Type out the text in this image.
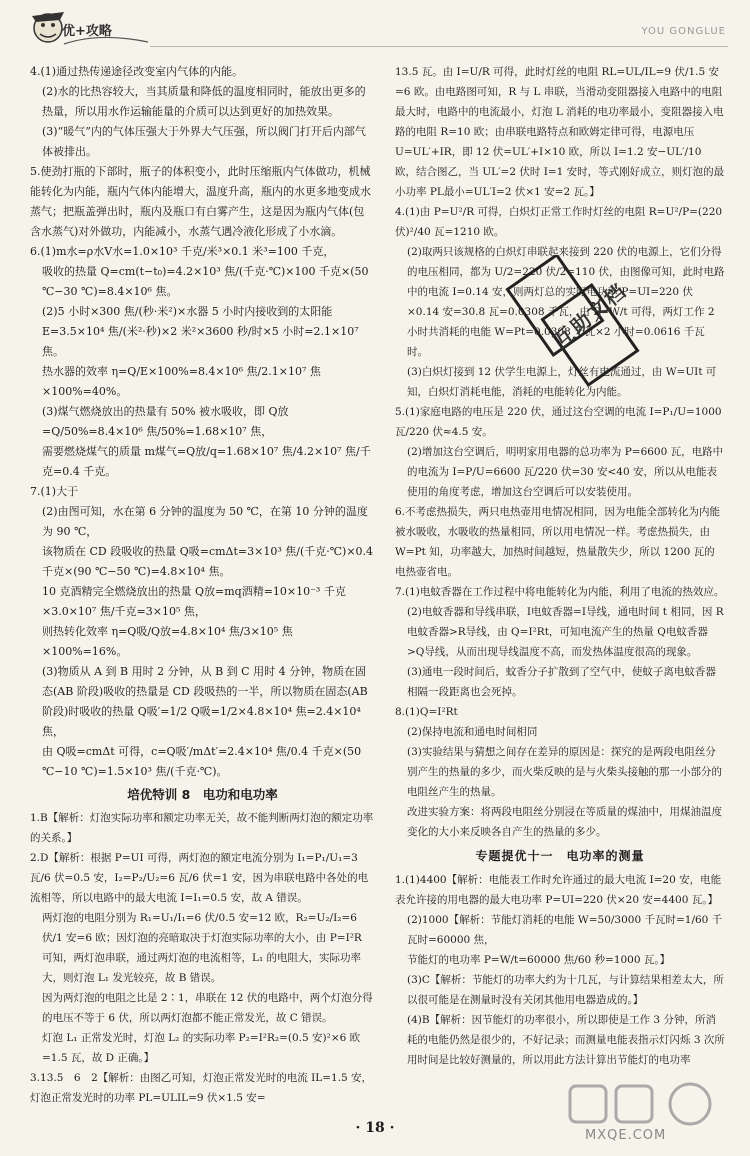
优+攻略	YOU GONGLUE

4.(1)通过热传递途径改变室内气体的内能。

(2)水的比热容较大，当其质量和降低的温度相同时，能放出更多的热量，所以用水作运输能量的介质可以达到更好的加热效果。

(3)“暖气”内的气体压强大于外界大气压强，所以阀门打开后内部气体被排出。

5.使劲打瓶的下部时，瓶子的体积变小，此时压缩瓶内气体做功，机械能转化为内能，瓶内气体内能增大，温度升高，瓶内的水更多地变成水蒸气；把瓶盖弹出时，瓶内及瓶口有白雾产生，这是因为瓶内气体(包含水蒸气)对外做功，内能减小，水蒸气遇冷液化形成了小水滴。

6.(1)m水=ρ水V水=1.0×10³ 千克/米³×0.1 米³=100 千克，

吸收的热量 Q=cm(t−t₀)=4.2×10³ 焦/(千克·℃)×100 千克×(50 ℃−30 ℃)=8.4×10⁶ 焦。

(2)5 小时×300 焦/(秒·米²)×水器 5 小时内接收到的太阳能 E=3.5×10⁴ 焦/(米²·秒)×2 米²×3600 秒/时×5 小时=2.1×10⁷ 焦。

热水器的效率 η=Q/E×100%=8.4×10⁶ 焦/2.1×10⁷ 焦×100%=40%。

(3)煤气燃烧放出的热量有 50% 被水吸收，即 Q放=Q/50%=8.4×10⁶ 焦/50%=1.68×10⁷ 焦，

需要燃烧煤气的质量 m煤气=Q放/q=1.68×10⁷ 焦/4.2×10⁷ 焦/千克=0.4 千克。

7.(1)大于

(2)由图可知，水在第 6 分钟的温度为 50 ℃，在第 10 分钟的温度为 90 ℃，

该物质在 CD 段吸收的热量 Q吸=cmΔt=3×10³ 焦/(千克·℃)×0.4 千克×(90 ℃−50 ℃)=4.8×10⁴ 焦。

10 克酒精完全燃烧放出的热量 Q放=mq酒精=10×10⁻³ 千克×3.0×10⁷ 焦/千克=3×10⁵ 焦，

则热转化效率 η=Q吸/Q放=4.8×10⁴ 焦/3×10⁵ 焦×100%=16%。

(3)物质从 A 到 B 用时 2 分钟，从 B 到 C 用时 4 分钟，物质在固态(AB 阶段)吸收的热量是 CD 段吸热的一半，所以物质在固态(AB 阶段)时吸收的热量 Q吸′=1/2 Q吸=1/2×4.8×10⁴ 焦=2.4×10⁴ 焦，

由 Q吸=cmΔt 可得，c=Q吸′/mΔt′=2.4×10⁴ 焦/0.4 千克×(50 ℃−10 ℃)=1.5×10³ 焦/(千克·℃)。

培优特训 8　电功和电功率

1.B【解析：灯泡实际功率和额定功率无关，故不能判断两灯泡的额定功率的关系。】

2.D【解析：根据 P=UI 可得，两灯泡的额定电流分别为 I₁=P₁/U₁=3 瓦/6 伏=0.5 安，I₂=P₂/U₂=6 瓦/6 伏=1 安，因为串联电路中各处的电流相等，所以电路中的最大电流 I=I₁=0.5 安，故 A 错误。

两灯泡的电阻分别为 R₁=U₁/I₁=6 伏/0.5 安=12 欧，R₂=U₂/I₂=6 伏/1 安=6 欧；因灯泡的亮暗取决于灯泡实际功率的大小，由 P=I²R 可知，两灯泡串联，通过两灯泡的电流相等，L₁ 的电阻大，实际功率大，则灯泡 L₁ 发光较亮，故 B 错误。

因为两灯泡的电阻之比是 2∶1，串联在 12 伏的电路中，两个灯泡分得的电压不等于 6 伏，所以两灯泡都不能正常发光，故 C 错误。

灯泡 L₁ 正常发光时，灯泡 L₂ 的实际功率 P₂=I²R₂=(0.5 安)²×6 欧=1.5 瓦，故 D 正确。】

3.13.5　6　2【解析：由图乙可知，灯泡正常发光时的电流 IL=1.5 安，灯泡正常发光时的功率 PL=ULIL=9 伏×1.5 安=

13.5 瓦。由 I=U/R 可得，此时灯丝的电阻 RL=UL/IL=9 伏/1.5 安=6 欧。由电路图可知，R 与 L 串联，当滑动变阻器接入电路中的电阻最大时，电路中的电流最小，灯泡 L 消耗的电功率最小，变阻器接入电路的电阻 R=10 欧；由串联电路特点和欧姆定律可得，电源电压 U=UL′+IR，即 12 伏=UL′+I×10 欧，所以 I=1.2 安−UL′/10 欧，结合图乙，当 UL′=2 伏时 I=1 安时，等式刚好成立，则灯泡的最小功率 PL最小=UL′I=2 伏×1 安=2 瓦。】

4.(1)由 P=U²/R 可得，白炽灯正常工作时灯丝的电阻 R=U²/P=(220 伏)²/40 瓦=1210 欧。

(2)取两只该规格的白炽灯串联起来接到 220 伏的电源上，它们分得的电压相同，都为 U/2=220 伏/2=110 伏，由图像可知，此时电路中的电流 I=0.14 安，则两灯总的实际电功率 P=UI=220 伏×0.14 安=30.8 瓦=0.0308 千瓦，由 P=W/t 可得，两灯工作 2 小时共消耗的电能 W=Pt=0.0308 千瓦×2 小时=0.0616 千瓦时。

(3)白炽灯接到 12 伏学生电源上，灯丝有电流通过，由 W=UIt 可知，白炽灯消耗电能，消耗的电能转化为内能。

5.(1)家庭电路的电压是 220 伏，通过这台空调的电流 I=P₁/U=1000 瓦/220 伏≈4.5 安。

(2)增加这台空调后，明明家用电器的总功率为 P=6600 瓦，电路中的电流为 I=P/U=6600 瓦/220 伏=30 安<40 安，所以从电能表使用的角度考虑，增加这台空调后可以安装使用。

6.不考虑热损失，两只电热壶用电情况相同，因为电能全部转化为内能被水吸收，水吸收的热量相同，所以用电情况一样。考虑热损失，由 W=Pt 知，功率越大，加热时间越短，热量散失少，所以 1200 瓦的电热壶省电。

7.(1)电蚊香器在工作过程中将电能转化为内能，利用了电流的热效应。

(2)电蚊香器和导线串联，I电蚊香器=I导线，通电时间 t 相同，因 R电蚊香器>R导线，由 Q=I²Rt，可知电流产生的热量 Q电蚊香器>Q导线，从而出现导线温度不高，而发热体温度很高的现象。

(3)通电一段时间后，蚊香分子扩散到了空气中，使蚊子离电蚊香器相隔一段距离也会死掉。

8.(1)Q=I²Rt

(2)保持电流和通电时间相同

(3)实验结果与猜想之间存在差异的原因是：探究的是两段电阻丝分别产生的热量的多少，而火柴反映的是与火柴头接触的那一小部分的电阻丝产生的热量。

改进实验方案：将两段电阻丝分别浸在等质量的煤油中，用煤油温度变化的大小来反映各自产生的热量的多少。

专题提优十一　电功率的测量

1.(1)4400【解析：电能表工作时允许通过的最大电流 I=20 安，电能表允许接的用电器的最大电功率 P=UI=220 伏×20 安=4400 瓦。】

(2)1000【解析：节能灯消耗的电能 W=50/3000 千瓦时=1/60 千瓦时=60000 焦，

节能灯的电功率 P=W/t=60000 焦/60 秒=1000 瓦。】

(3)C【解析：节能灯的功率大约为十几瓦，与计算结果相差太大，所以很可能是在测量时没有关闭其他用电器造成的。】

(4)B【解析：因节能灯的功率很小，所以即使是工作 3 分钟，所消耗的电能仍然是很少的，不好记录；而测量电能表指示灯闪烁 3 次所用时间是比较好测量的，所以用此方法计算出节能灯的电功率

互助文档
MXQE.COM
· 18 ·
